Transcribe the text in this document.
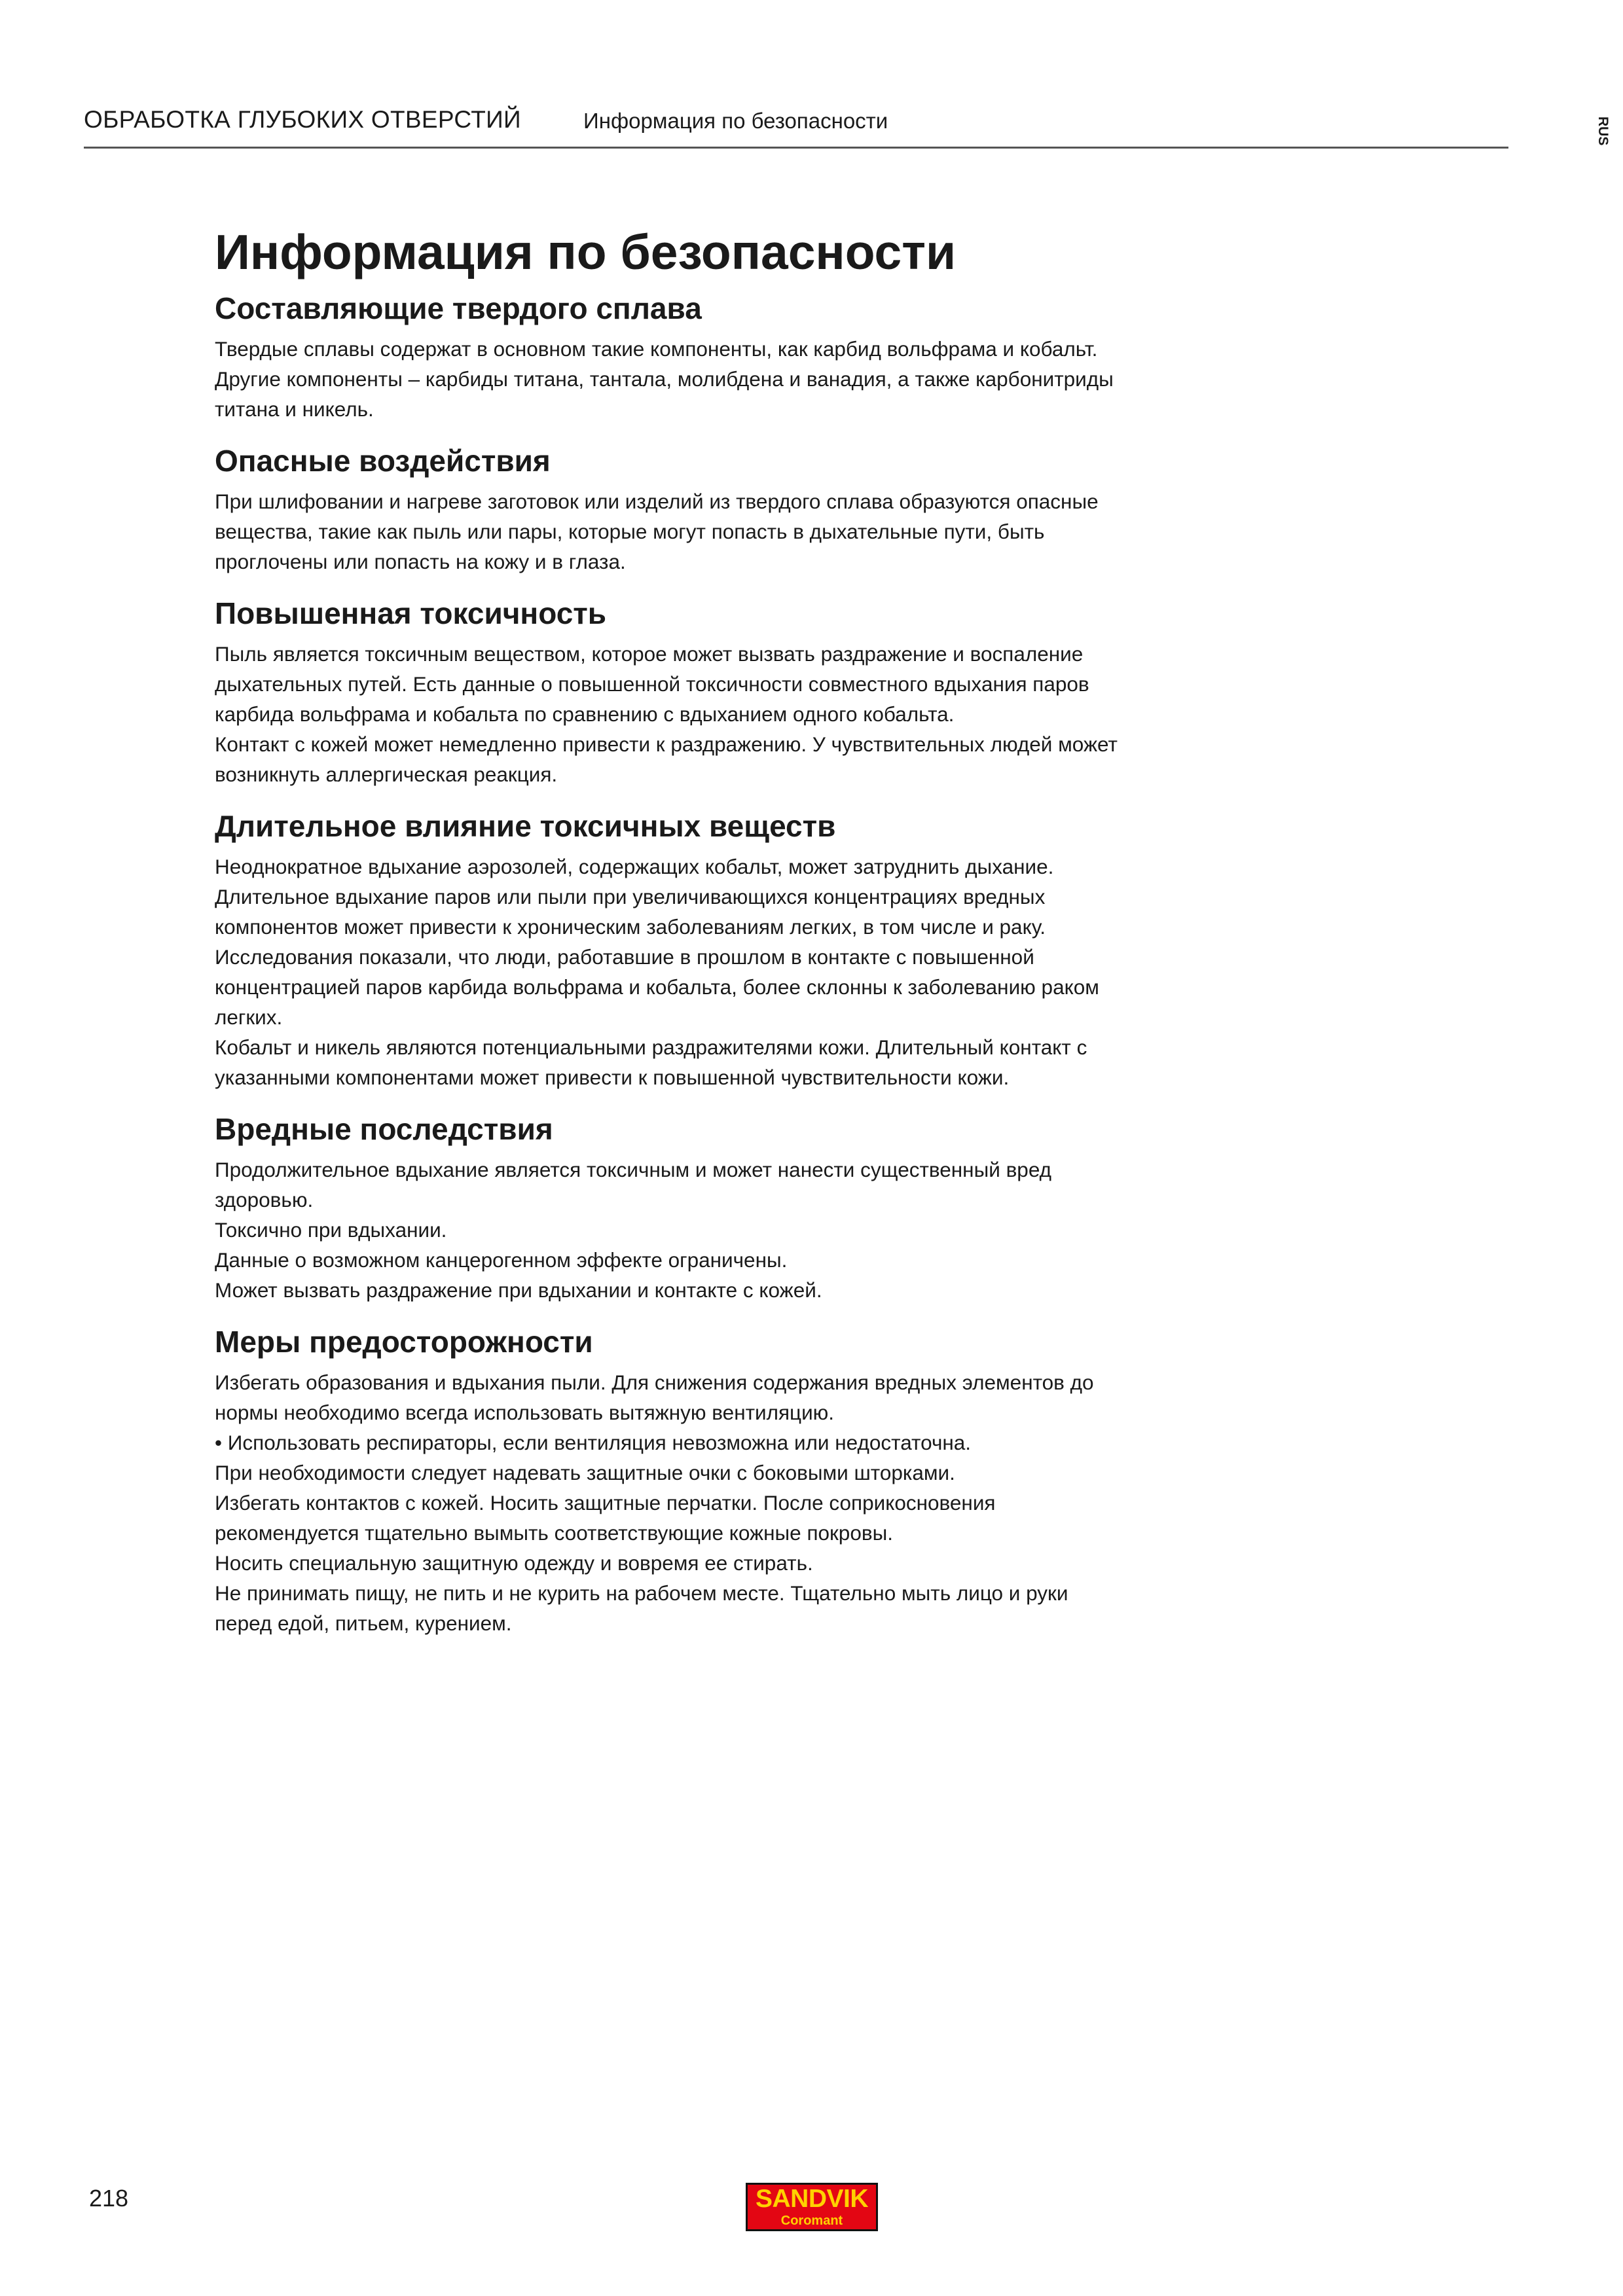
ОБРАБОТКА ГЛУБОКИХ ОТВЕРСТИЙ	Информация по безопасности	RUS
Информация по безопасности
Составляющие твердого сплава
Твердые сплавы содержат в основном такие компоненты, как карбид вольфрама и кобальт.
Другие компоненты – карбиды титана, тантала, молибдена и ванадия, а также карбонитриды
титана и никель.
Опасные воздействия
При шлифовании и нагреве заготовок или изделий из твердого сплава образуются опасные
вещества, такие как пыль или пары, которые могут попасть в дыхательные пути, быть
проглочены или попасть на кожу и в глаза.
Повышенная токсичность
Пыль является токсичным веществом, которое может вызвать раздражение и воспаление
дыхательных путей. Есть данные о повышенной токсичности совместного вдыхания паров
карбида вольфрама и кобальта по сравнению с вдыханием одного кобальта.
Контакт с кожей может немедленно привести к раздражению. У чувствительных людей может
возникнуть аллергическая реакция.
Длительное влияние токсичных веществ
Неоднократное вдыхание аэрозолей, содержащих кобальт, может затруднить дыхание.
Длительное вдыхание паров или пыли при увеличивающихся концентрациях вредных
компонентов может привести к хроническим заболеваниям легких, в том числе и раку.
Исследования показали, что люди, работавшие в прошлом в контакте с повышенной
концентрацией паров карбида вольфрама и кобальта, более склонны к заболеванию раком
легких.
Кобальт и никель являются потенциальными раздражителями кожи. Длительный контакт с
указанными компонентами может привести к повышенной чувствительности кожи.
Вредные последствия
Продолжительное вдыхание является токсичным и может нанести существенный вред
здоровью.
Токсично при вдыхании.
Данные о возможном канцерогенном эффекте ограничены.
Может вызвать раздражение при вдыхании и контакте с кожей.
Меры предосторожности
Избегать образования и вдыхания пыли. Для снижения содержания вредных элементов до
нормы необходимо всегда использовать вытяжную вентиляцию.
• Использовать респираторы, если вентиляция невозможна или недостаточна.
При необходимости следует надевать защитные очки с боковыми шторками.
Избегать контактов с кожей. Носить защитные перчатки. После соприкосновения
рекомендуется тщательно вымыть соответствующие кожные покровы.
Носить специальную защитную одежду и вовремя ее стирать.
Не принимать пищу, не пить и не курить на рабочем месте. Тщательно мыть лицо и руки
перед едой, питьем, курением.
218	SANDVIK
Coromant
